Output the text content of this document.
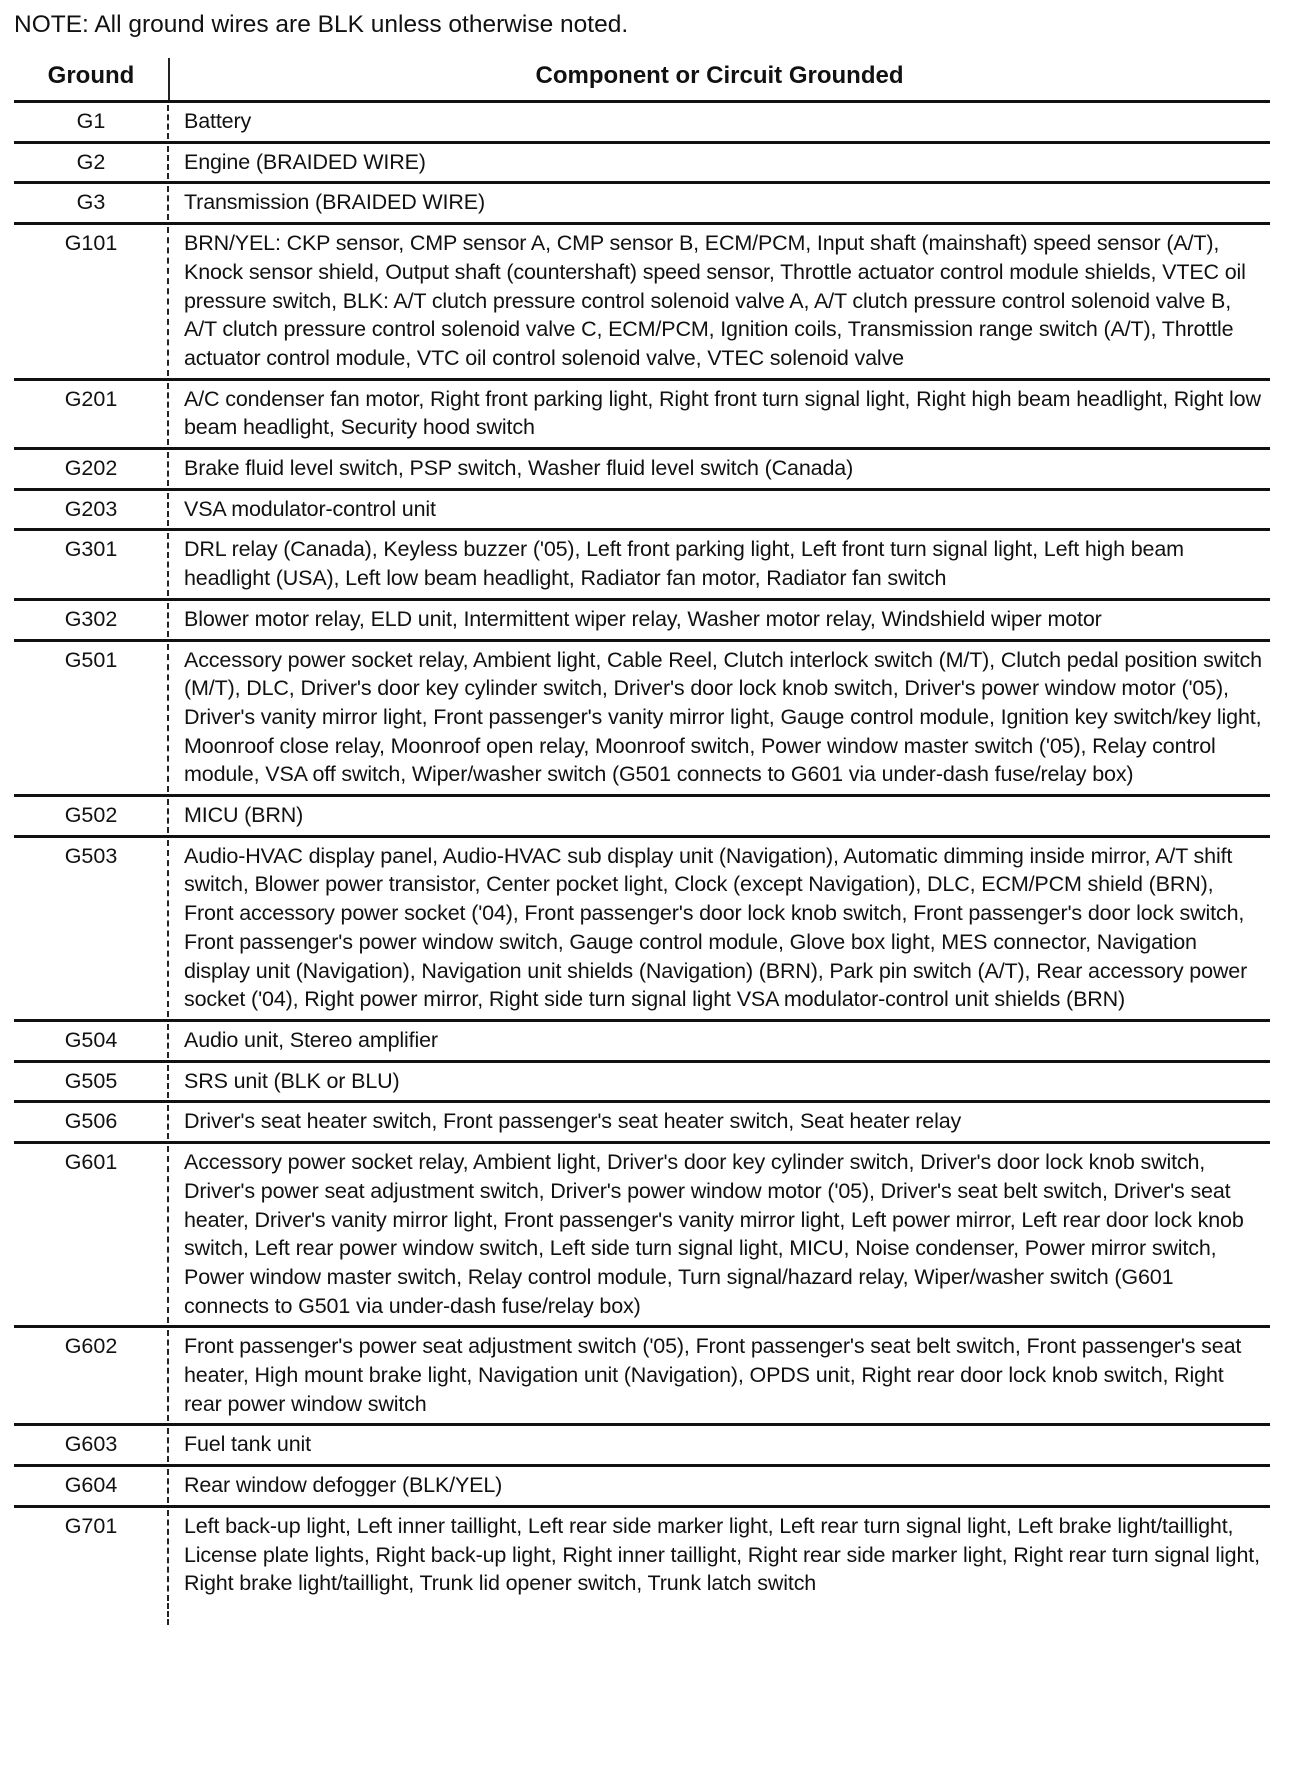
NOTE: All ground wires are BLK unless otherwise noted.
Ground	Component or Circuit Grounded
G1	Battery
G2	Engine (BRAIDED WIRE)
G3	Transmission (BRAIDED WIRE)
G101	BRN/YEL: CKP sensor, CMP sensor A, CMP sensor B, ECM/PCM, Input shaft (mainshaft) speed sensor (A/T), Knock sensor shield, Output shaft (countershaft) speed sensor, Throttle actuator control module shields, VTEC oil pressure switch, BLK: A/T clutch pressure control solenoid valve A, A/T clutch pressure control solenoid valve B, A/T clutch pressure control solenoid valve C, ECM/PCM, Ignition coils, Transmission range switch (A/T), Throttle actuator control module, VTC oil control solenoid valve, VTEC solenoid valve
G201	A/C condenser fan motor, Right front parking light, Right front turn signal light, Right high beam headlight, Right low beam headlight, Security hood switch
G202	Brake fluid level switch, PSP switch, Washer fluid level switch (Canada)
G203	VSA modulator-control unit
G301	DRL relay (Canada), Keyless buzzer ('05), Left front parking light, Left front turn signal light, Left high beam headlight (USA), Left low beam headlight, Radiator fan motor, Radiator fan switch
G302	Blower motor relay, ELD unit, Intermittent wiper relay, Washer motor relay, Windshield wiper motor
G501	Accessory power socket relay, Ambient light, Cable Reel, Clutch interlock switch (M/T), Clutch pedal position switch (M/T), DLC, Driver's door key cylinder switch, Driver's door lock knob switch, Driver's power window motor ('05), Driver's vanity mirror light, Front passenger's vanity mirror light, Gauge control module, Ignition key switch/key light, Moonroof close relay, Moonroof open relay, Moonroof switch, Power window master switch ('05), Relay control module, VSA off switch, Wiper/washer switch (G501 connects to G601 via under-dash fuse/relay box)
G502	MICU (BRN)
G503	Audio-HVAC display panel, Audio-HVAC sub display unit (Navigation), Automatic dimming inside mirror, A/T shift switch, Blower power transistor, Center pocket light, Clock (except Navigation), DLC, ECM/PCM shield (BRN), Front accessory power socket ('04), Front passenger's door lock knob switch, Front passenger's door lock switch, Front passenger's power window switch, Gauge control module, Glove box light, MES connector, Navigation display unit (Navigation), Navigation unit shields (Navigation) (BRN), Park pin switch (A/T), Rear accessory power socket ('04), Right power mirror, Right side turn signal light VSA modulator-control unit shields (BRN)
G504	Audio unit, Stereo amplifier
G505	SRS unit (BLK or BLU)
G506	Driver's seat heater switch, Front passenger's seat heater switch, Seat heater relay
G601	Accessory power socket relay, Ambient light, Driver's door key cylinder switch, Driver's door lock knob switch, Driver's power seat adjustment switch, Driver's power window motor ('05), Driver's seat belt switch, Driver's seat heater, Driver's vanity mirror light, Front passenger's vanity mirror light, Left power mirror, Left rear door lock knob switch, Left rear power window switch, Left side turn signal light, MICU, Noise condenser, Power mirror switch, Power window master switch, Relay control module, Turn signal/hazard relay, Wiper/washer switch (G601 connects to G501 via under-dash fuse/relay box)
G602	Front passenger's power seat adjustment switch ('05), Front passenger's seat belt switch, Front passenger's seat heater, High mount brake light, Navigation unit (Navigation), OPDS unit, Right rear door lock knob switch, Right rear power window switch
G603	Fuel tank unit
G604	Rear window defogger (BLK/YEL)
G701	Left back-up light, Left inner taillight, Left rear side marker light, Left rear turn signal light, Left brake light/taillight, License plate lights, Right back-up light, Right inner taillight, Right rear side marker light, Right rear turn signal light, Right brake light/taillight, Trunk lid opener switch, Trunk latch switch
